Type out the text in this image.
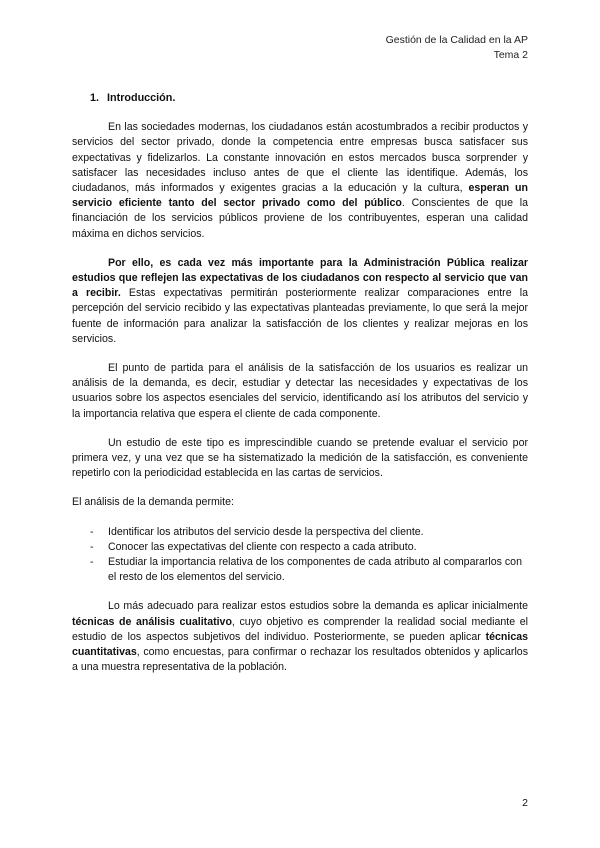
Gestión de la Calidad en la AP
Tema 2
1. Introducción.

En las sociedades modernas, los ciudadanos están acostumbrados a recibir productos y servicios del sector privado, donde la competencia entre empresas busca satisfacer sus expectativas y fidelizarlos. La constante innovación en estos mercados busca sorprender y satisfacer las necesidades incluso antes de que el cliente las identifique. Además, los ciudadanos, más informados y exigentes gracias a la educación y la cultura, esperan un servicio eficiente tanto del sector privado como del público. Conscientes de que la financiación de los servicios públicos proviene de los contribuyentes, esperan una calidad máxima en dichos servicios.

Por ello, es cada vez más importante para la Administración Pública realizar estudios que reflejen las expectativas de los ciudadanos con respecto al servicio que van a recibir. Estas expectativas permitirán posteriormente realizar comparaciones entre la percepción del servicio recibido y las expectativas planteadas previamente, lo que será la mejor fuente de información para analizar la satisfacción de los clientes y realizar mejoras en los servicios.

El punto de partida para el análisis de la satisfacción de los usuarios es realizar un análisis de la demanda, es decir, estudiar y detectar las necesidades y expectativas de los usuarios sobre los aspectos esenciales del servicio, identificando así los atributos del servicio y la importancia relativa que espera el cliente de cada componente.

Un estudio de este tipo es imprescindible cuando se pretende evaluar el servicio por primera vez, y una vez que se ha sistematizado la medición de la satisfacción, es conveniente repetirlo con la periodicidad establecida en las cartas de servicios.

El análisis de la demanda permite:

- Identificar los atributos del servicio desde la perspectiva del cliente.
- Conocer las expectativas del cliente con respecto a cada atributo.
- Estudiar la importancia relativa de los componentes de cada atributo al compararlos con el resto de los elementos del servicio.

Lo más adecuado para realizar estos estudios sobre la demanda es aplicar inicialmente técnicas de análisis cualitativo, cuyo objetivo es comprender la realidad social mediante el estudio de los aspectos subjetivos del individuo. Posteriormente, se pueden aplicar técnicas cuantitativas, como encuestas, para confirmar o rechazar los resultados obtenidos y aplicarlos a una muestra representativa de la población.

2
